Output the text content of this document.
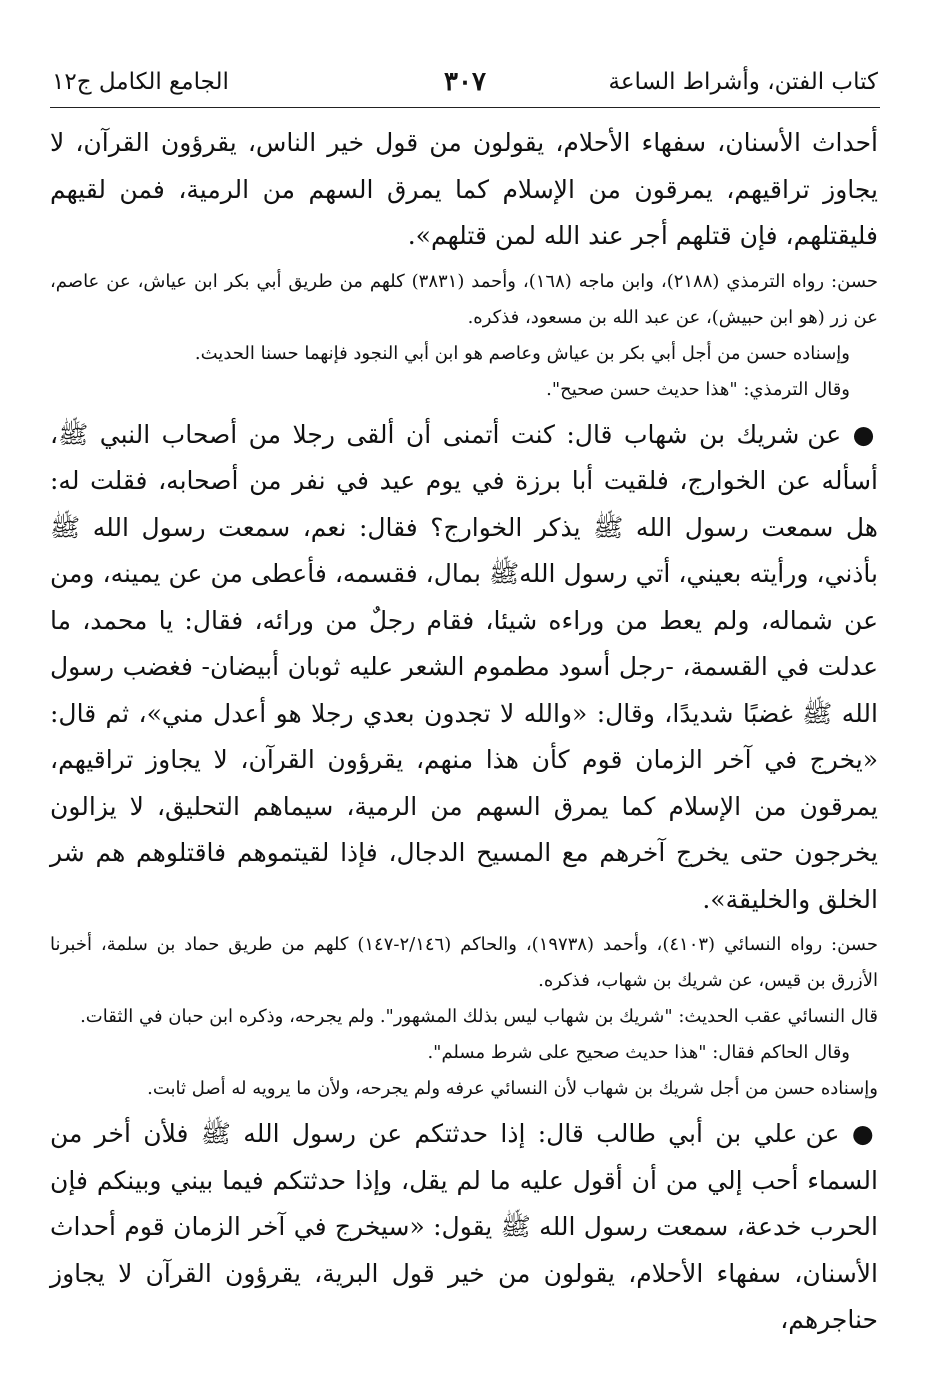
كتاب الفتن، وأشراط الساعة
٣٠٧
الجامع الكامل ج١٢

أحداث الأسنان، سفهاء الأحلام، يقولون من قول خير الناس، يقرؤون القرآن، لا يجاوز تراقيهم، يمرقون من الإسلام كما يمرق السهم من الرمية، فمن لقيهم فليقتلهم، فإن قتلهم أجر عند الله لمن قتلهم».

حسن: رواه الترمذي (٢١٨٨)، وابن ماجه (١٦٨)، وأحمد (٣٨٣١) كلهم من طريق أبي بكر ابن عياش، عن عاصم، عن زر (هو ابن حبيش)، عن عبد الله بن مسعود، فذكره.

وإسناده حسن من أجل أبي بكر بن عياش وعاصم هو ابن أبي النجود فإنهما حسنا الحديث.

وقال الترمذي: "هذا حديث حسن صحيح".

● عن شريك بن شهاب قال: كنت أتمنى أن ألقى رجلا من أصحاب النبي ﷺ، أسأله عن الخوارج، فلقيت أبا برزة في يوم عيد في نفر من أصحابه، فقلت له: هل سمعت رسول الله ﷺ يذكر الخوارج؟ فقال: نعم، سمعت رسول الله ﷺ بأذني، ورأيته بعيني، أتي رسول اللهﷺ بمال، فقسمه، فأعطى من عن يمينه، ومن عن شماله، ولم يعط من وراءه شيئا، فقام رجلٌ من ورائه، فقال: يا محمد، ما عدلت في القسمة، -رجل أسود مطموم الشعر عليه ثوبان أبيضان- فغضب رسول الله ﷺ غضبًا شديدًا، وقال: «والله لا تجدون بعدي رجلا هو أعدل مني»، ثم قال: «يخرج في آخر الزمان قوم كأن هذا منهم، يقرؤون القرآن، لا يجاوز تراقيهم، يمرقون من الإسلام كما يمرق السهم من الرمية، سيماهم التحليق، لا يزالون يخرجون حتى يخرج آخرهم مع المسيح الدجال، فإذا لقيتموهم فاقتلوهم هم شر الخلق والخليقة».

حسن: رواه النسائي (٤١٠٣)، وأحمد (١٩٧٣٨)، والحاكم (٢/١٤٦-١٤٧) كلهم من طريق حماد بن سلمة، أخبرنا الأزرق بن قيس، عن شريك بن شهاب، فذكره.

قال النسائي عقب الحديث: "شريك بن شهاب ليس بذلك المشهور". ولم يجرحه، وذكره ابن حبان في الثقات.

وقال الحاكم فقال: "هذا حديث صحيح على شرط مسلم".

وإسناده حسن من أجل شريك بن شهاب لأن النسائي عرفه ولم يجرحه، ولأن ما يرويه له أصل ثابت.

● عن علي بن أبي طالب قال: إذا حدثتكم عن رسول الله ﷺ فلأن أخر من السماء أحب إلي من أن أقول عليه ما لم يقل، وإذا حدثتكم فيما بيني وبينكم فإن الحرب خدعة، سمعت رسول الله ﷺ يقول: «سيخرج في آخر الزمان قوم أحداث الأسنان، سفهاء الأحلام، يقولون من خير قول البرية، يقرؤون القرآن لا يجاوز حناجرهم،
